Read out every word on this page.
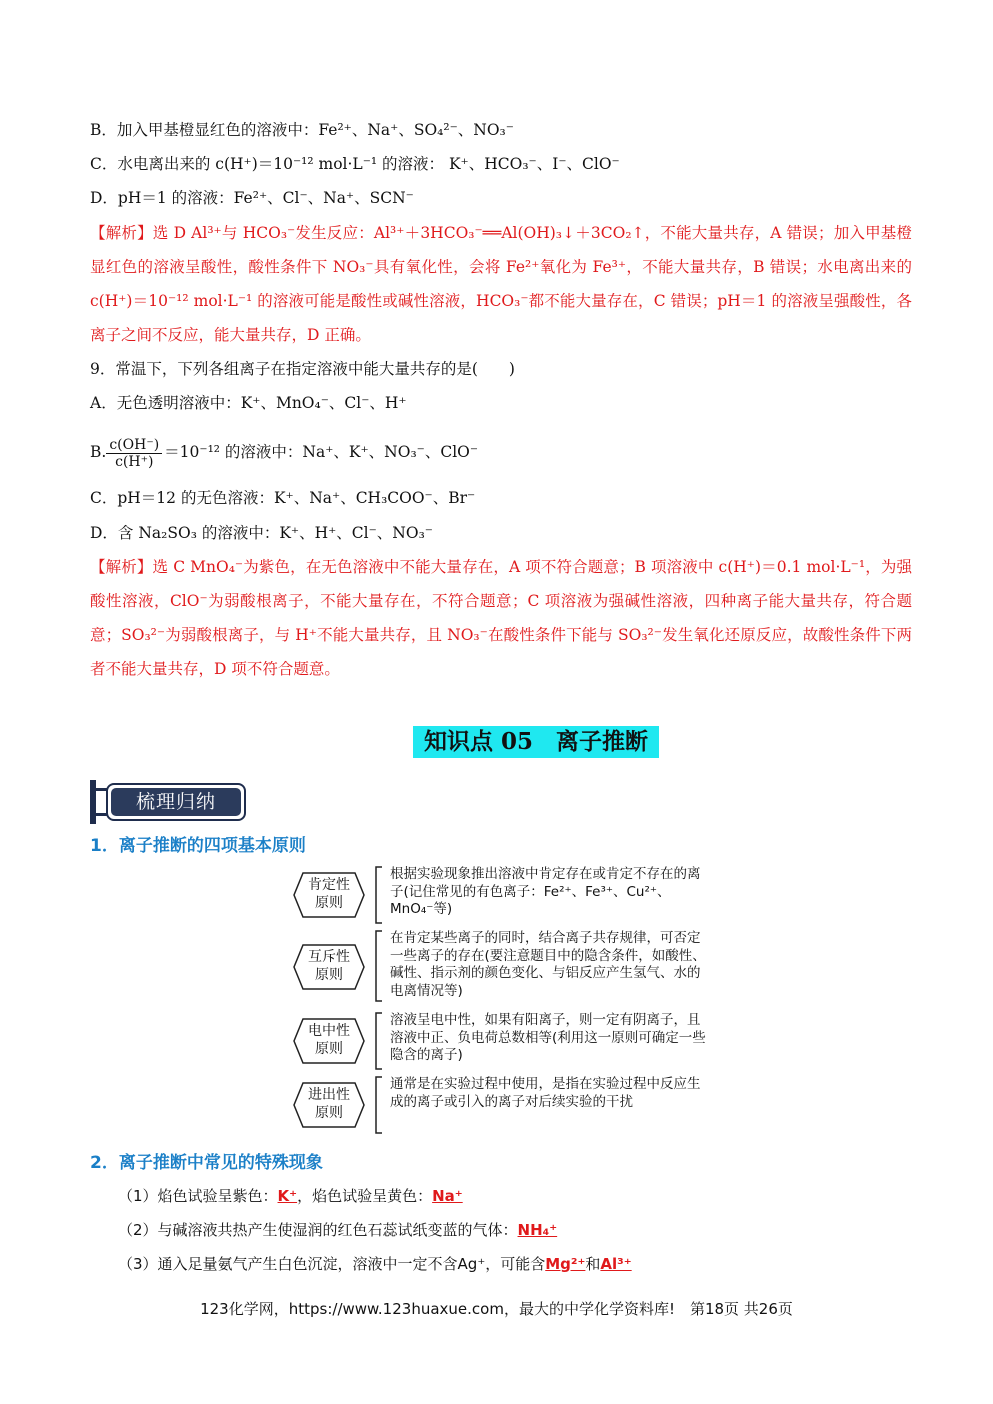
B．加入甲基橙显红色的溶液中：Fe²⁺、Na⁺、SO₄²⁻、NO₃⁻
C．水电离出来的 c(H⁺)＝10⁻¹² mol·L⁻¹ 的溶液： K⁺、HCO₃⁻、I⁻、ClO⁻
D．pH＝1 的溶液：Fe²⁺、Cl⁻、Na⁺、SCN⁻
【解析】选 D Al³⁺与 HCO₃⁻发生反应：Al³⁺＋3HCO₃⁻══Al(OH)₃↓＋3CO₂↑，不能大量共存，A 错误；加入甲基橙显红色的溶液呈酸性，酸性条件下 NO₃⁻具有氧化性，会将 Fe²⁺氧化为 Fe³⁺，不能大量共存，B 错误；水电离出来的 c(H⁺)＝10⁻¹² mol·L⁻¹ 的溶液可能是酸性或碱性溶液，HCO₃⁻都不能大量存在，C 错误；pH＝1 的溶液呈强酸性，各离子之间不反应，能大量共存，D 正确。
9．常温下，下列各组离子在指定溶液中能大量共存的是(　　)
A．无色透明溶液中：K⁺、MnO₄⁻、Cl⁻、H⁺
B. $\frac{c(OH^-)}{c(H^+)} =10^{-12}$ 的溶液中：Na⁺、K⁺、NO₃⁻、ClO⁻
C．pH＝12 的无色溶液：K⁺、Na⁺、CH₃COO⁻、Br⁻
D．含 Na₂SO₃ 的溶液中：K⁺、H⁺、Cl⁻、NO₃⁻
【解析】选 C MnO₄⁻为紫色，在无色溶液中不能大量存在，A 项不符合题意；B 项溶液中 c(H⁺)＝0.1 mol·L⁻¹，为强酸性溶液，ClO⁻为弱酸根离子，不能大量存在，不符合题意；C 项溶液为强碱性溶液，四种离子能大量共存，符合题意；SO₃²⁻为弱酸根离子，与 H⁺不能大量共存，且 NO₃⁻在酸性条件下能与 SO₃²⁻发生氧化还原反应，故酸性条件下两者不能大量共存，D 项不符合题意。
知识点 05　离子推断
梳理归纳
1．离子推断的四项基本原则
肯定性
原则
根据实验现象推出溶液中肯定存在或肯定不存在的离子(记住常见的有色离子：Fe²⁺、Fe³⁺、Cu²⁺、MnO₄⁻等)
互斥性
原则
在肯定某些离子的同时，结合离子共存规律，可否定一些离子的存在(要注意题目中的隐含条件，如酸性、碱性、指示剂的颜色变化、与铝反应产生氢气、水的电离情况等)
电中性
原则
溶液呈电中性，如果有阳离子，则一定有阴离子，且溶液中正、负电荷总数相等(利用这一原则可确定一些隐含的离子)
进出性
原则
通常是在实验过程中使用，是指在实验过程中反应生成的离子或引入的离子对后续实验的干扰
2．离子推断中常见的特殊现象
（1）焰色试验呈紫色：K⁺，焰色试验呈黄色：Na⁺
（2）与碱溶液共热产生使湿润的红色石蕊试纸变蓝的气体：NH₄⁺
（3）通入足量氨气产生白色沉淀，溶液中一定不含Ag⁺，可能含Mg²⁺和Al³⁺
123化学网，https://www.123huaxue.com，最大的中学化学资料库!　第18页 共26页
